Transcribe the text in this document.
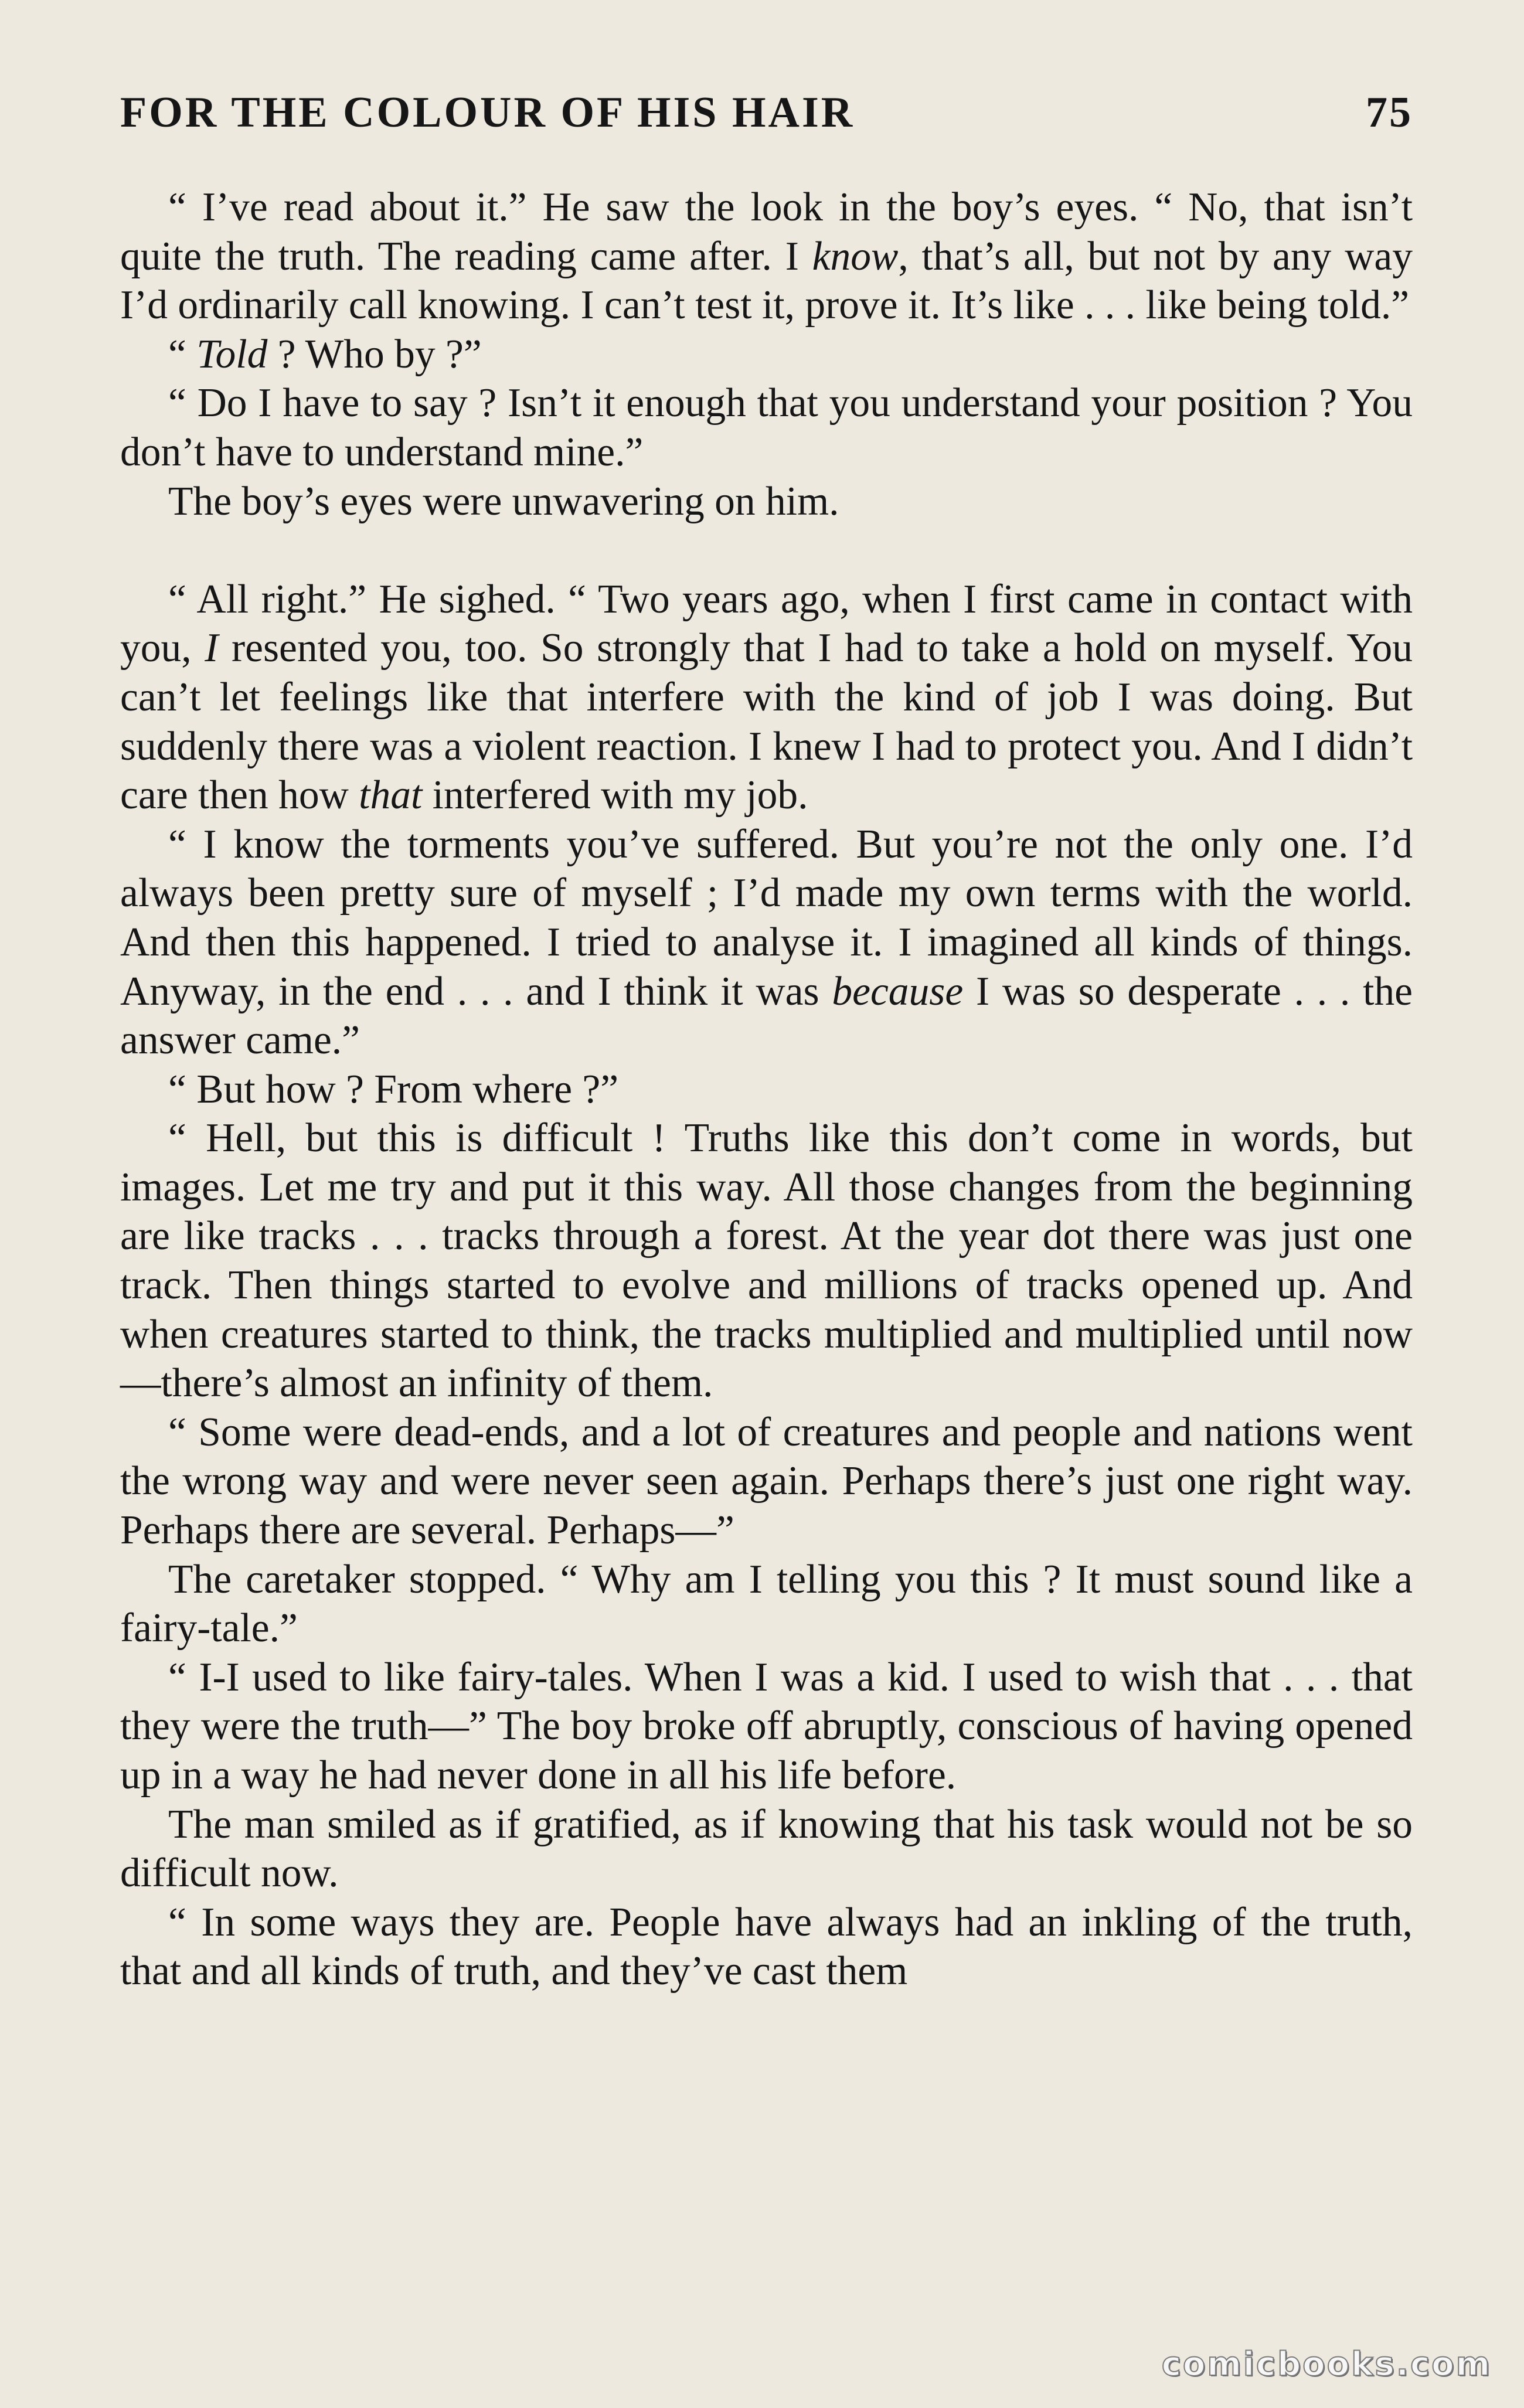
FOR THE COLOUR OF HIS HAIR	75

“ I’ve read about it.” He saw the look in the boy’s eyes. “ No, that isn’t quite the truth. The reading came after. I know, that’s all, but not by any way I’d ordinarily call knowing. I can’t test it, prove it. It’s like . . . like being told.”

“ Told ? Who by ?”

“ Do I have to say ? Isn’t it enough that you understand your position ? You don’t have to understand mine.”

The boy’s eyes were unwavering on him.

“ All right.” He sighed. “ Two years ago, when I first came in contact with you, I resented you, too. So strongly that I had to take a hold on myself. You can’t let feelings like that interfere with the kind of job I was doing. But suddenly there was a violent reaction. I knew I had to protect you. And I didn’t care then how that interfered with my job.

“ I know the torments you’ve suffered. But you’re not the only one. I’d always been pretty sure of myself ; I’d made my own terms with the world. And then this happened. I tried to analyse it. I imagined all kinds of things. Anyway, in the end . . . and I think it was because I was so desperate . . . the answer came.”

“ But how ? From where ?”

“ Hell, but this is difficult ! Truths like this don’t come in words, but images. Let me try and put it this way. All those changes from the beginning are like tracks . . . tracks through a forest. At the year dot there was just one track. Then things started to evolve and millions of tracks opened up. And when creatures started to think, the tracks multiplied and multiplied until now—there’s almost an infinity of them.

“ Some were dead-ends, and a lot of creatures and people and nations went the wrong way and were never seen again. Perhaps there’s just one right way. Perhaps there are several. Perhaps—”

The caretaker stopped. “ Why am I telling you this ? It must sound like a fairy-tale.”

“ I-I used to like fairy-tales. When I was a kid. I used to wish that . . . that they were the truth—” The boy broke off abruptly, conscious of having opened up in a way he had never done in all his life before.

The man smiled as if gratified, as if knowing that his task would not be so difficult now.

“ In some ways they are. People have always had an inkling of the truth, that and all kinds of truth, and they’ve cast them

comicbooks.com
